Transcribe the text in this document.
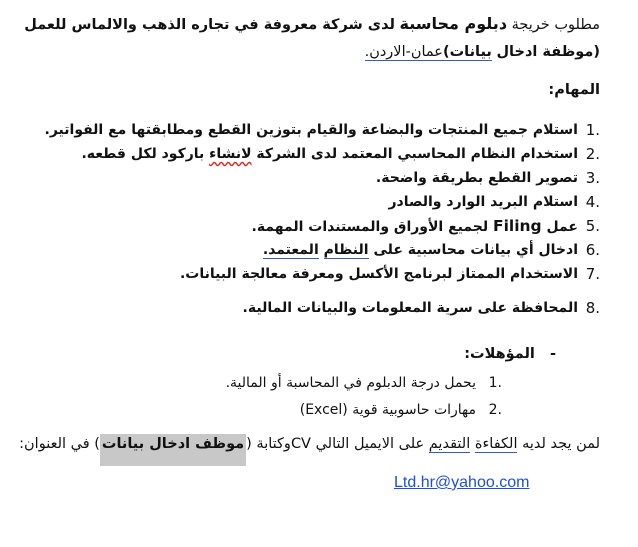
مطلوب خريجة دبلوم محاسبة لدى شركة معروفة في تجاره الذهب والالماس للعمل
(موظفة ادخال بيانات)عمان-الاردن.
المهام:
1.
استلام جميع المنتجات والبضاعة والقيام بتوزين القطع ومطابقتها مع الفواتير.
2.
استخدام النظام المحاسبي المعتمد لدى الشركة لانشاء باركود لكل قطعه.
3.
تصوير القطع بطريقة واضحة.
4.
استلام البريد الوارد والصادر
5.
عمل Filing لجميع الأوراق والمستندات المهمة.
6.
ادخال أي بيانات محاسبية على النظام المعتمد.
7.
الاستخدام الممتاز لبرنامج الأكسل ومعرفة معالجة البيانات.
8.
المحافظة على سرية المعلومات والبيانات المالية.
- المؤهلات:
1.
يحمل درجة الدبلوم في المحاسبة أو المالية.
2.
مهارات حاسوبية قوية (Excel)
لمن يجد لديه الكفاءة التقديم على الايميل التالي CVوكتابة (موظف ادخال بيانات) في العنوان:
Ltd.hr@yahoo.com
